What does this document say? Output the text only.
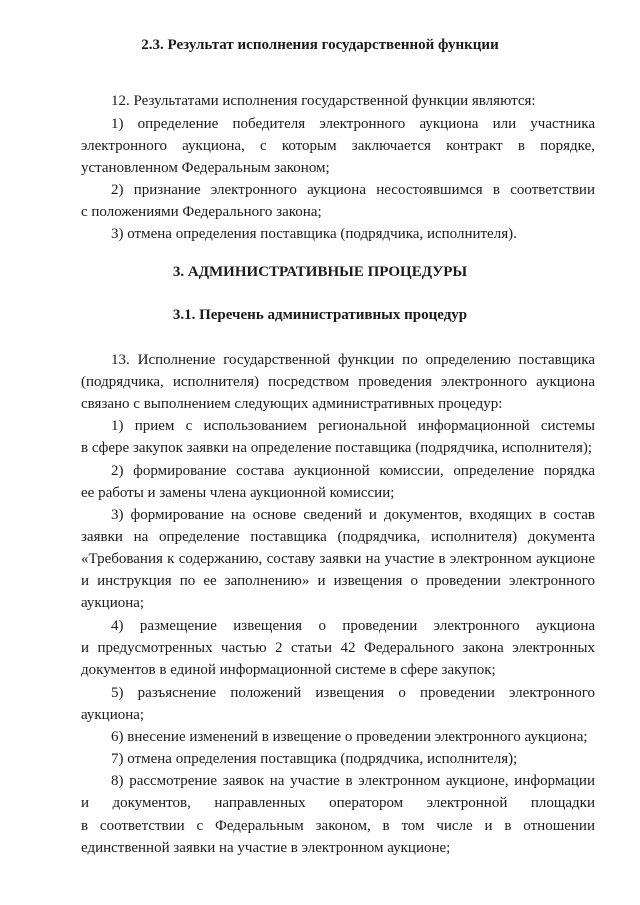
2.3. Результат исполнения государственной функции
12. Результатами исполнения государственной функции являются:
1) определение победителя электронного аукциона или участника
электронного аукциона, с которым заключается контракт в порядке,
установленном Федеральным законом;
2) признание электронного аукциона несостоявшимся в соответствии
с положениями Федерального закона;
3) отмена определения поставщика (подрядчика, исполнителя).
3. АДМИНИСТРАТИВНЫЕ ПРОЦЕДУРЫ
3.1. Перечень административных процедур
13. Исполнение государственной функции по определению поставщика
(подрядчика, исполнителя) посредством проведения электронного аукциона
связано с выполнением следующих административных процедур:
1) прием с использованием региональной информационной системы
в сфере закупок заявки на определение поставщика (подрядчика, исполнителя);
2) формирование состава аукционной комиссии, определение порядка
ее работы и замены члена аукционной комиссии;
3) формирование на основе сведений и документов, входящих в состав
заявки на определение поставщика (подрядчика, исполнителя) документа
«Требования к содержанию, составу заявки на участие в электронном аукционе
и инструкция по ее заполнению» и извещения о проведении электронного
аукциона;
4) размещение извещения о проведении электронного аукциона
и предусмотренных частью 2 статьи 42 Федерального закона электронных
документов в единой информационной системе в сфере закупок;
5) разъяснение положений извещения о проведении электронного
аукциона;
6) внесение изменений в извещение о проведении электронного аукциона;
7) отмена определения поставщика (подрядчика, исполнителя);
8) рассмотрение заявок на участие в электронном аукционе, информации
и документов, направленных оператором электронной площадки
в соответствии с Федеральным законом, в том числе и в отношении
единственной заявки на участие в электронном аукционе;
